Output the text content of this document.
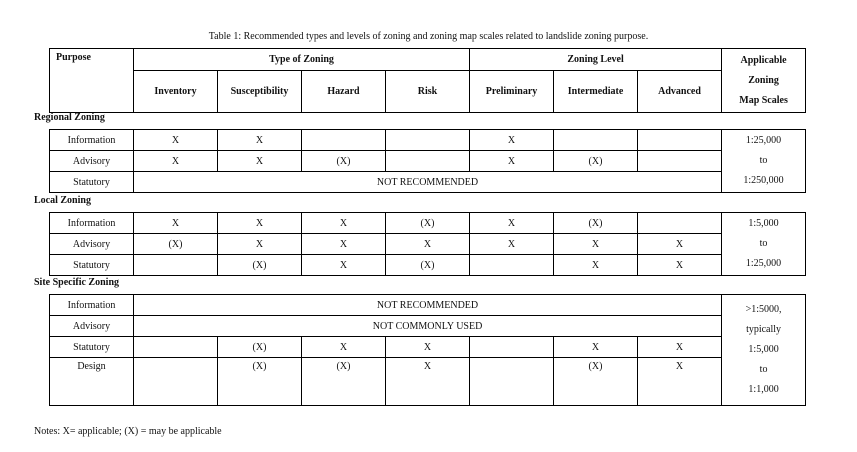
Table 1: Recommended types and levels of zoning and zoning map scales related to landslide zoning purpose.
Purpose	Type of Zoning				Zoning Level			Applicable
Zoning
Map Scales

	Inventory	Susceptibility	Hazard	Risk	Preliminary	Intermediate	Advanced	
Regional Zoning
Information	X	X			X			1:25,000
to
1:250,000

Advisory	X	X	(X)		X	(X)		
Statutory	NOT RECOMMENDED							
Local Zoning
Information	X	X	X	(X)	X	(X)		1:5,000
to
1:25,000

Advisory	(X)	X	X	X	X	X	X	
Statutory		(X)	X	(X)		X	X	
Site Specific Zoning
Information	NOT RECOMMENDED							>1:5000,
typically
1:5,000
to
1:1,000

Advisory	NOT COMMONLY USED							
Statutory		(X)	X	X		X	X	
Design		(X)	(X)	X		(X)	X	
Notes: X= applicable; (X) = may be applicable
